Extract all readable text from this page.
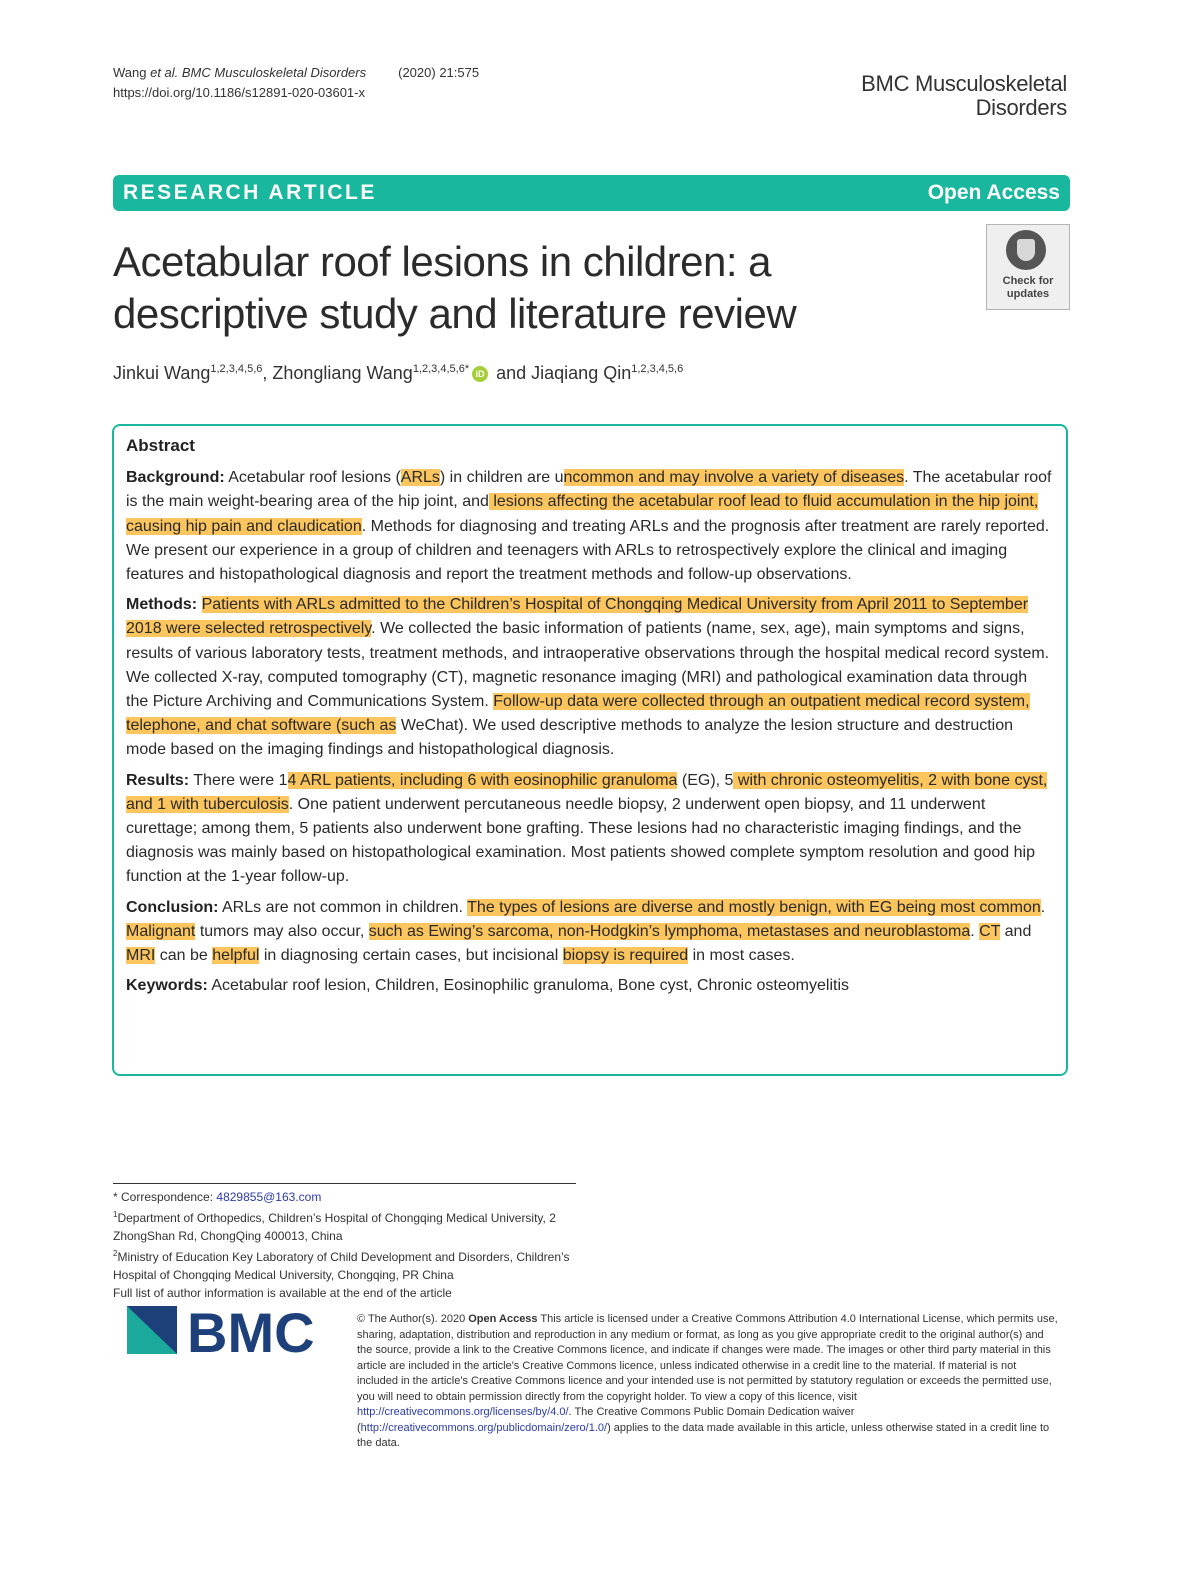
Wang et al. BMC Musculoskeletal Disorders (2020) 21:575
https://doi.org/10.1186/s12891-020-03601-x	BMC Musculoskeletal
Disorders
RESEARCH ARTICLE	Open Access
Acetabular roof lesions in children: a descriptive study and literature review
Check for
updates
Jinkui Wang$^{1,2,3,4,5,6}$, Zhongliang Wang$^{1,2,3,4,5,6*}$ iD and Jiaqiang Qin$^{1,2,3,4,5,6}$
Abstract

Background: Acetabular roof lesions (ARLs) in children are uncommon and may involve a variety of diseases. The acetabular roof is the main weight-bearing area of the hip joint, and lesions affecting the acetabular roof lead to fluid accumulation in the hip joint, causing hip pain and claudication. Methods for diagnosing and treating ARLs and the prognosis after treatment are rarely reported. We present our experience in a group of children and teenagers with ARLs to retrospectively explore the clinical and imaging features and histopathological diagnosis and report the treatment methods and follow-up observations.

Methods: Patients with ARLs admitted to the Children’s Hospital of Chongqing Medical University from April 2011 to September 2018 were selected retrospectively. We collected the basic information of patients (name, sex, age), main symptoms and signs, results of various laboratory tests, treatment methods, and intraoperative observations through the hospital medical record system. We collected X-ray, computed tomography (CT), magnetic resonance imaging (MRI) and pathological examination data through the Picture Archiving and Communications System. Follow-up data were collected through an outpatient medical record system, telephone, and chat software (such as WeChat). We used descriptive methods to analyze the lesion structure and destruction mode based on the imaging findings and histopathological diagnosis.

Results: There were 14 ARL patients, including 6 with eosinophilic granuloma (EG), 5 with chronic osteomyelitis, 2 with bone cyst, and 1 with tuberculosis. One patient underwent percutaneous needle biopsy, 2 underwent open biopsy, and 11 underwent curettage; among them, 5 patients also underwent bone grafting. These lesions had no characteristic imaging findings, and the diagnosis was mainly based on histopathological examination. Most patients showed complete symptom resolution and good hip function at the 1-year follow-up.

Conclusion: ARLs are not common in children. The types of lesions are diverse and mostly benign, with EG being most common. Malignant tumors may also occur, such as Ewing’s sarcoma, non-Hodgkin’s lymphoma, metastases and neuroblastoma. CT and MRI can be helpful in diagnosing certain cases, but incisional biopsy is required in most cases.

Keywords: Acetabular roof lesion, Children, Eosinophilic granuloma, Bone cyst, Chronic osteomyelitis

* Correspondence: 4829855@163.com
$^1$Department of Orthopedics, Children’s Hospital of Chongqing Medical University, 2 ZhongShan Rd, ChongQing 400013, China
$^2$Ministry of Education Key Laboratory of Child Development and Disorders, Children’s Hospital of Chongqing Medical University, Chongqing, PR China
Full list of author information is available at the end of the article
BMC	© The Author(s). 2020 Open Access This article is licensed under a Creative Commons Attribution 4.0 International License, which permits use, sharing, adaptation, distribution and reproduction in any medium or format, as long as you give appropriate credit to the original author(s) and the source, provide a link to the Creative Commons licence, and indicate if changes were made. The images or other third party material in this article are included in the article's Creative Commons licence, unless indicated otherwise in a credit line to the material. If material is not included in the article's Creative Commons licence and your intended use is not permitted by statutory regulation or exceeds the permitted use, you will need to obtain permission directly from the copyright holder. To view a copy of this licence, visit http://creativecommons.org/licenses/by/4.0/. The Creative Commons Public Domain Dedication waiver (http://creativecommons.org/publicdomain/zero/1.0/) applies to the data made available in this article, unless otherwise stated in a credit line to the data.
